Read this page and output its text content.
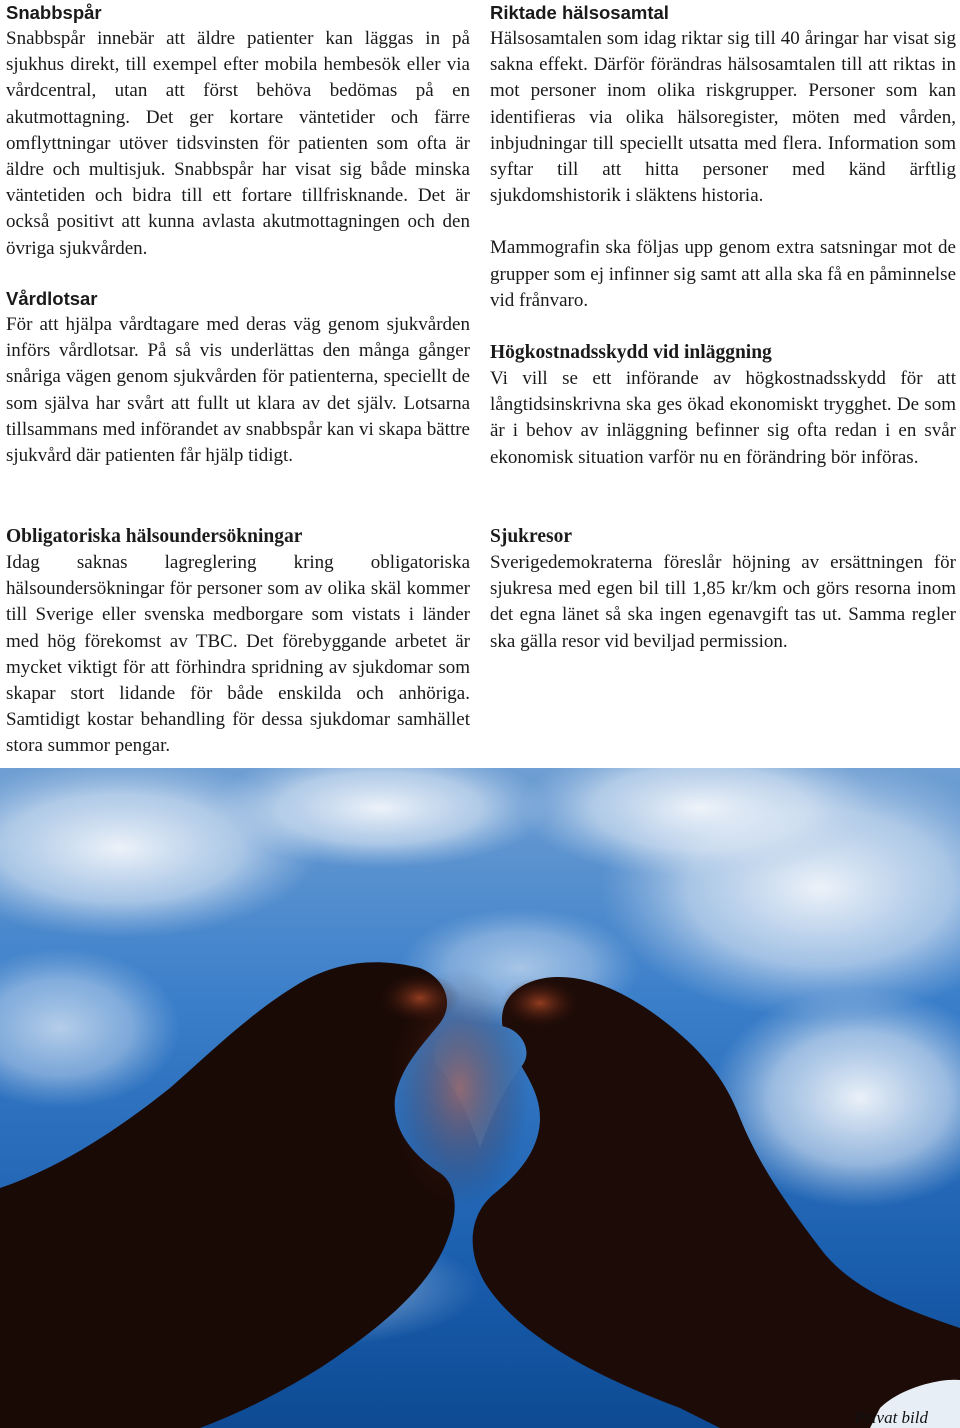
Snabbspår

Snabbspår innebär att äldre patienter kan läggas in på sjukhus direkt, till exempel efter mobila hembesök eller via vårdcentral, utan att först behöva bedömas på en akutmottagning. Det ger kortare väntetider och färre omflyttningar utöver tidsvinsten för patienten som ofta är äldre och multisjuk. Snabbspår har visat sig både minska väntetiden och bidra till ett fortare tillfrisknande. Det är också positivt att kunna avlasta akutmottagningen och den övriga sjukvården.

Vårdlotsar

För att hjälpa vårdtagare med deras väg genom sjukvården införs vårdlotsar. På så vis underlättas den många gånger snåriga vägen genom sjukvården för patienterna, speciellt de som själva har svårt att fullt ut klara av det själv. Lotsarna tillsammans med införandet av snabbspår kan vi skapa bättre sjukvård där patienten får hjälp tidigt.

Obligatoriska hälsoundersökningar

Idag saknas lagreglering kring obligatoriska hälsoundersökningar för personer som av olika skäl kommer till Sverige eller svenska medborgare som vistats i länder med hög förekomst av TBC. Det förebyggande arbetet är mycket viktigt för att förhindra spridning av sjukdomar som skapar stort lidande för både enskilda och anhöriga. Samtidigt kostar behandling för dessa sjukdomar samhället stora summor pengar.

Riktade hälsosamtal

Hälsosamtalen som idag riktar sig till 40 åringar har visat sig sakna effekt. Därför förändras hälsosamtalen till att riktas in mot personer inom olika riskgrupper. Personer som kan identifieras via olika hälsoregister, möten med vården, inbjudningar till speciellt utsatta med flera. Information som syftar till att hitta personer med känd ärftlig sjukdomshistorik i släktens historia.

Mammografin ska följas upp genom extra satsningar mot de grupper som ej infinner sig samt att alla ska få en påminnelse vid frånvaro.

Högkostnadsskydd vid inläggning

Vi vill se ett införande av högkostnadsskydd för att långtidsinskrivna ska ges ökad ekonomiskt trygghet. De som är i behov av inläggning befinner sig ofta redan i en svår ekonomisk situation varför nu en förändring bör införas.

Sjukresor

Sverigedemokraterna föreslår höjning av ersättningen för sjukresa med egen bil till 1,85 kr/km och görs resorna inom det egna länet så ska ingen egenavgift tas ut. Samma regler ska gälla resor vid beviljad permission.

Privat bild
